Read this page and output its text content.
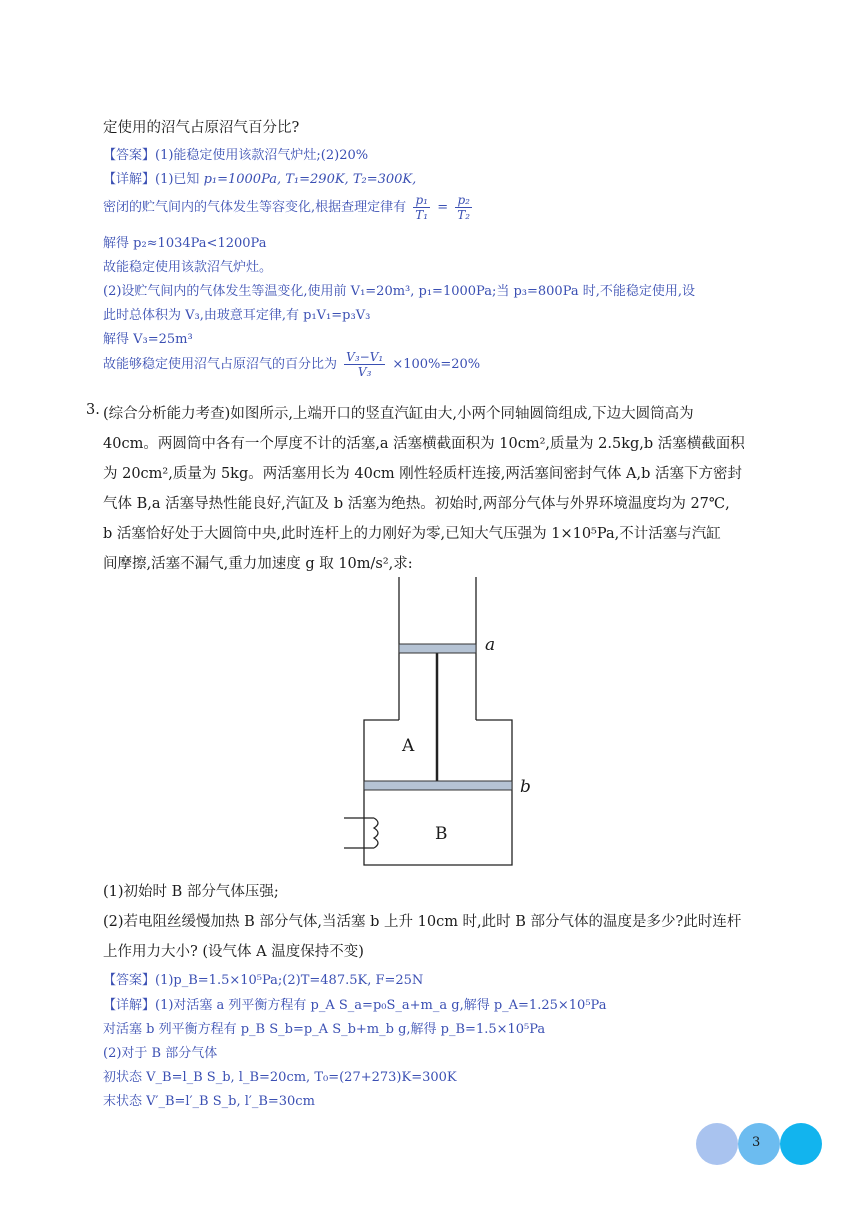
定使用的沼气占原沼气百分比?
【答案】(1)能稳定使用该款沼气炉灶;(2)20%
【详解】(1)已知 p₁=1000Pa, T₁=290K, T₂=300K,
密闭的贮气间内的气体发生等容变化,根据查理定律有 $\frac{\text{p₁}}{\text{T₁}} = \frac{\text{p₂}}{\text{T₂}}$
解得 p₂≈1034Pa<1200Pa
故能稳定使用该款沼气炉灶。
(2)设贮气间内的气体发生等温变化,使用前 V₁=20m³, p₁=1000Pa;当 p₃=800Pa 时,不能稳定使用,设
此时总体积为 V₃,由玻意耳定律,有 p₁V₁=p₃V₃
解得 V₃=25m³
故能够稳定使用沼气占原沼气的百分比为 $\frac{\text{V₃−V₁}}{\text{V₃}} \times 100\%=20\%$
3. (综合分析能力考查)如图所示,上端开口的竖直汽缸由大,小两个同轴圆筒组成,下边大圆筒高为
40cm。两圆筒中各有一个厚度不计的活塞,a 活塞横截面积为 10cm²,质量为 2.5kg,b 活塞横截面积
为 20cm²,质量为 5kg。两活塞用长为 40cm 刚性轻质杆连接,两活塞间密封气体 A,b 活塞下方密封
气体 B,a 活塞导热性能良好,汽缸及 b 活塞为绝热。初始时,两部分气体与外界环境温度均为 27℃,
b 活塞恰好处于大圆筒中央,此时连杆上的力刚好为零,已知大气压强为 1×10⁵Pa,不计活塞与汽缸
间摩擦,活塞不漏气,重力加速度 g 取 10m/s²,求:
a
b
A
B
(1)初始时 B 部分气体压强;
(2)若电阻丝缓慢加热 B 部分气体,当活塞 b 上升 10cm 时,此时 B 部分气体的温度是多少?此时连杆
上作用力大小? (设气体 A 温度保持不变)
【答案】(1)p_B=1.5×10⁵Pa;(2)T=487.5K, F=25N
【详解】(1)对活塞 a 列平衡方程有 p_A S_a=p₀S_a+m_a g,解得 p_A=1.25×10⁵Pa
对活塞 b 列平衡方程有 p_B S_b=p_A S_b+m_b g,解得 p_B=1.5×10⁵Pa
(2)对于 B 部分气体
初状态 V_B=l_B S_b, l_B=20cm, T₀=(27+273)K=300K
末状态 V′_B=l′_B S_b, l′_B=30cm
3
